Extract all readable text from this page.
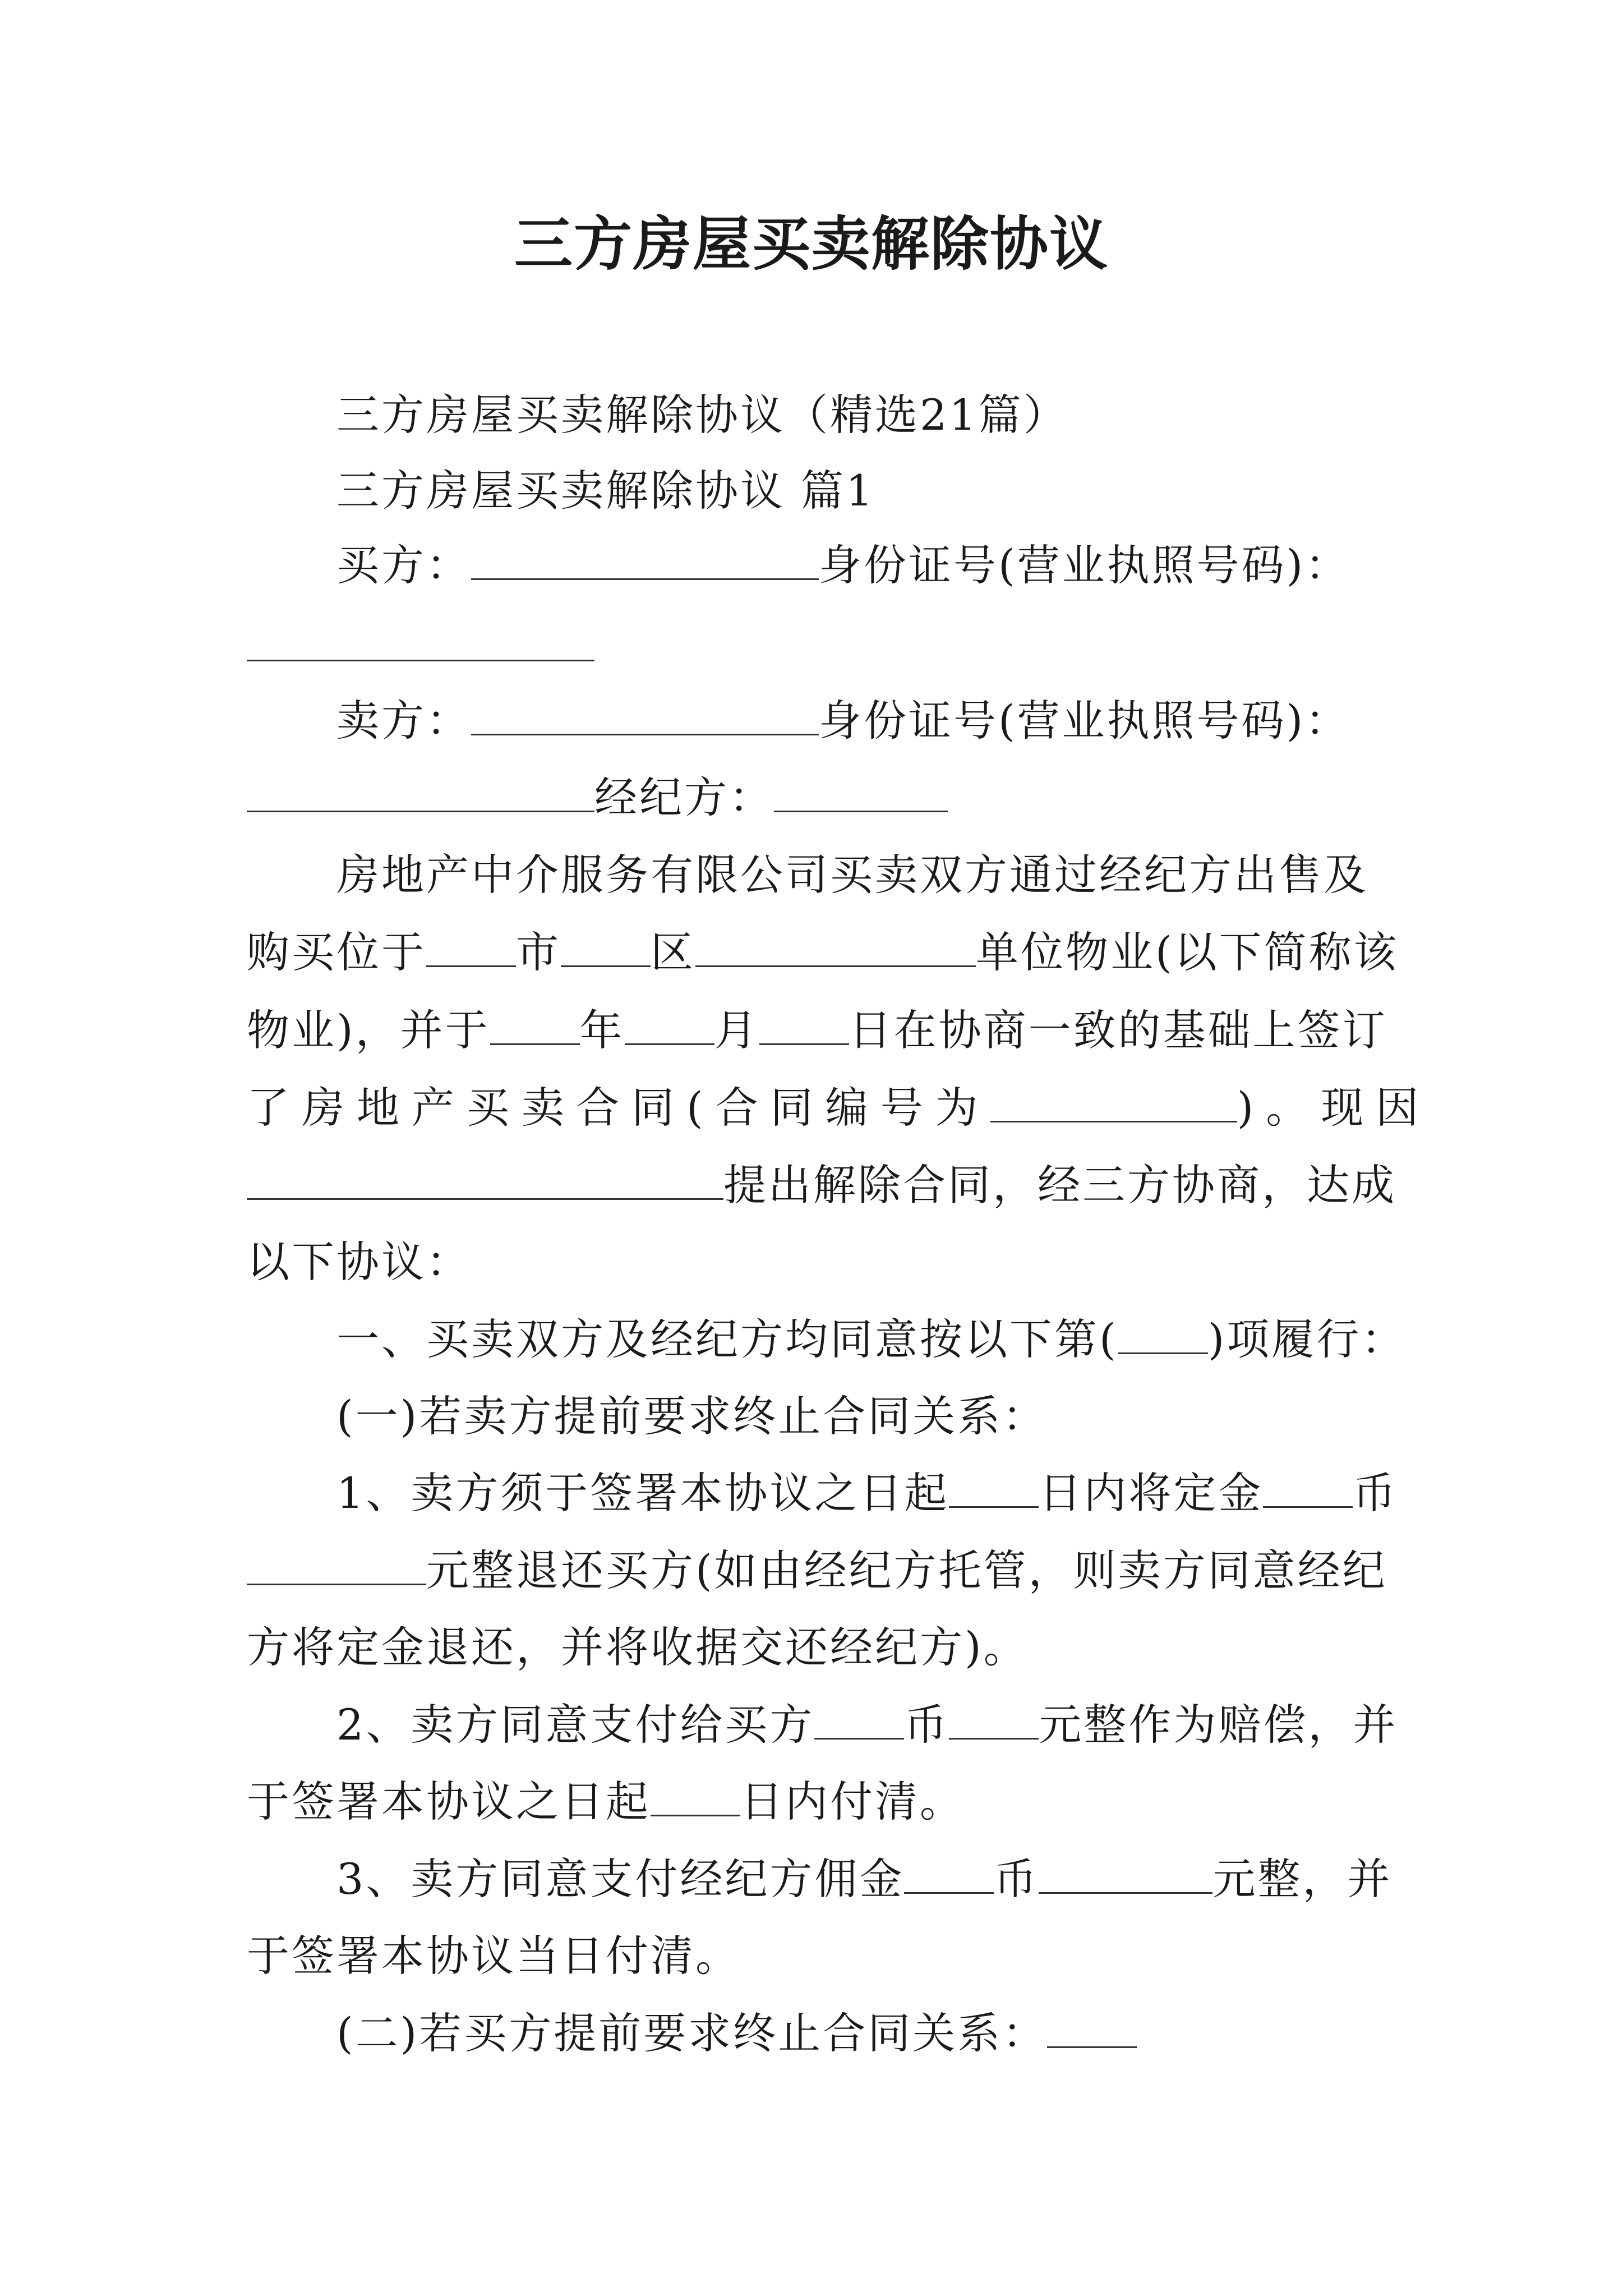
三方房屋买卖解除协议
三方房屋买卖解除协议（精选21篇）
三方房屋买卖解除协议 篇1
买方：	身份证号(营业执照号码)：
卖方：	身份证号(营业执照号码)：
经纪方：
房地产中介服务有限公司买卖双方通过经纪方出售及
购买位于 市 区	单位物业(以下简称该
物业)，并于 年 月 日在协商一致的基础上签订
了房地产买卖合同(合同编号为	)。现因
提出解除合同，经三方协商，达成
以下协议：
一、买卖双方及经纪方均同意按以下第( )项履行：
(一)若卖方提前要求终止合同关系：
1、卖方须于签署本协议之日起 日内将定金 币
元整退还买方(如由经纪方托管，则卖方同意经纪
方将定金退还，并将收据交还经纪方)。
2、卖方同意支付给买方 币 元整作为赔偿，并
于签署本协议之日起 日内付清。
3、卖方同意支付经纪方佣金 币	元整，并
于签署本协议当日付清。
(二)若买方提前要求终止合同关系：
